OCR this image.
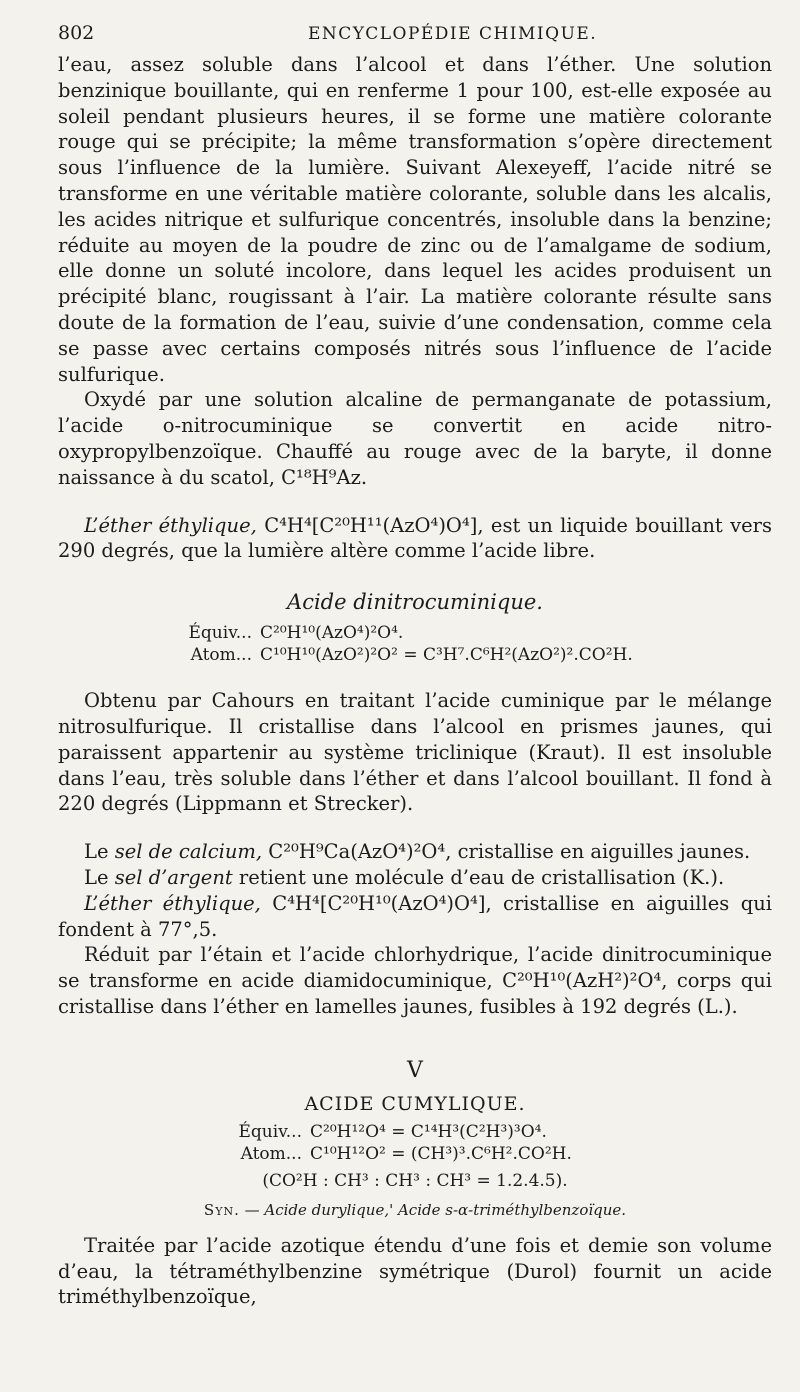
802	ENCYCLOPÉDIE CHIMIQUE.

l’eau, assez soluble dans l’alcool et dans l’éther. Une solution benzinique bouillante, qui en renferme 1 pour 100, est-elle exposée au soleil pendant plusieurs heures, il se forme une matière colorante rouge qui se précipite; la même transformation s’opère directement sous l’influence de la lumière. Suivant Alexeyeff, l’acide nitré se transforme en une véritable matière colorante, soluble dans les alcalis, les acides nitrique et sulfurique concentrés, insoluble dans la benzine; réduite au moyen de la poudre de zinc ou de l’amalgame de sodium, elle donne un soluté incolore, dans lequel les acides produisent un précipité blanc, rougissant à l’air. La matière colorante résulte sans doute de la formation de l’eau, suivie d’une condensation, comme cela se passe avec certains composés nitrés sous l’influence de l’acide sulfurique.

Oxydé par une solution alcaline de permanganate de potassium, l’acide o-nitrocuminique se convertit en acide nitro-oxypropylbenzoïque. Chauffé au rouge avec de la baryte, il donne naissance à du scatol, C¹⁸H⁹Az.

L’éther éthylique, C⁴H⁴[C²⁰H¹¹(AzO⁴)O⁴], est un liquide bouillant vers 290 degrés, que la lumière altère comme l’acide libre.

Acide dinitrocuminique.
Équiv... C²⁰H¹⁰(AzO⁴)²O⁴.
Atom... C¹⁰H¹⁰(AzO²)²O² = C³H⁷.C⁶H²(AzO²)².CO²H.

Obtenu par Cahours en traitant l’acide cuminique par le mélange nitrosulfurique. Il cristallise dans l’alcool en prismes jaunes, qui paraissent appartenir au système triclinique (Kraut). Il est insoluble dans l’eau, très soluble dans l’éther et dans l’alcool bouillant. Il fond à 220 degrés (Lippmann et Strecker).

Le sel de calcium, C²⁰H⁹Ca(AzO⁴)²O⁴, cristallise en aiguilles jaunes.

Le sel d’argent retient une molécule d’eau de cristallisation (K.).

L’éther éthylique, C⁴H⁴[C²⁰H¹⁰(AzO⁴)O⁴], cristallise en aiguilles qui fondent à 77°,5.

Réduit par l’étain et l’acide chlorhydrique, l’acide dinitrocuminique se transforme en acide diamidocuminique, C²⁰H¹⁰(AzH²)²O⁴, corps qui cristallise dans l’éther en lamelles jaunes, fusibles à 192 degrés (L.).

V
ACIDE CUMYLIQUE.
Équiv... C²⁰H¹²O⁴ = C¹⁴H³(C²H³)³O⁴.
Atom... C¹⁰H¹²O² = (CH³)³.C⁶H².CO²H.
(CO²H : CH³ : CH³ : CH³ = 1.2.4.5).
Syn. — Acide durylique,' Acide s-α-triméthylbenzoïque.

Traitée par l’acide azotique étendu d’une fois et demie son volume d’eau, la tétraméthylbenzine symétrique (Durol) fournit un acide triméthylbenzoïque,
